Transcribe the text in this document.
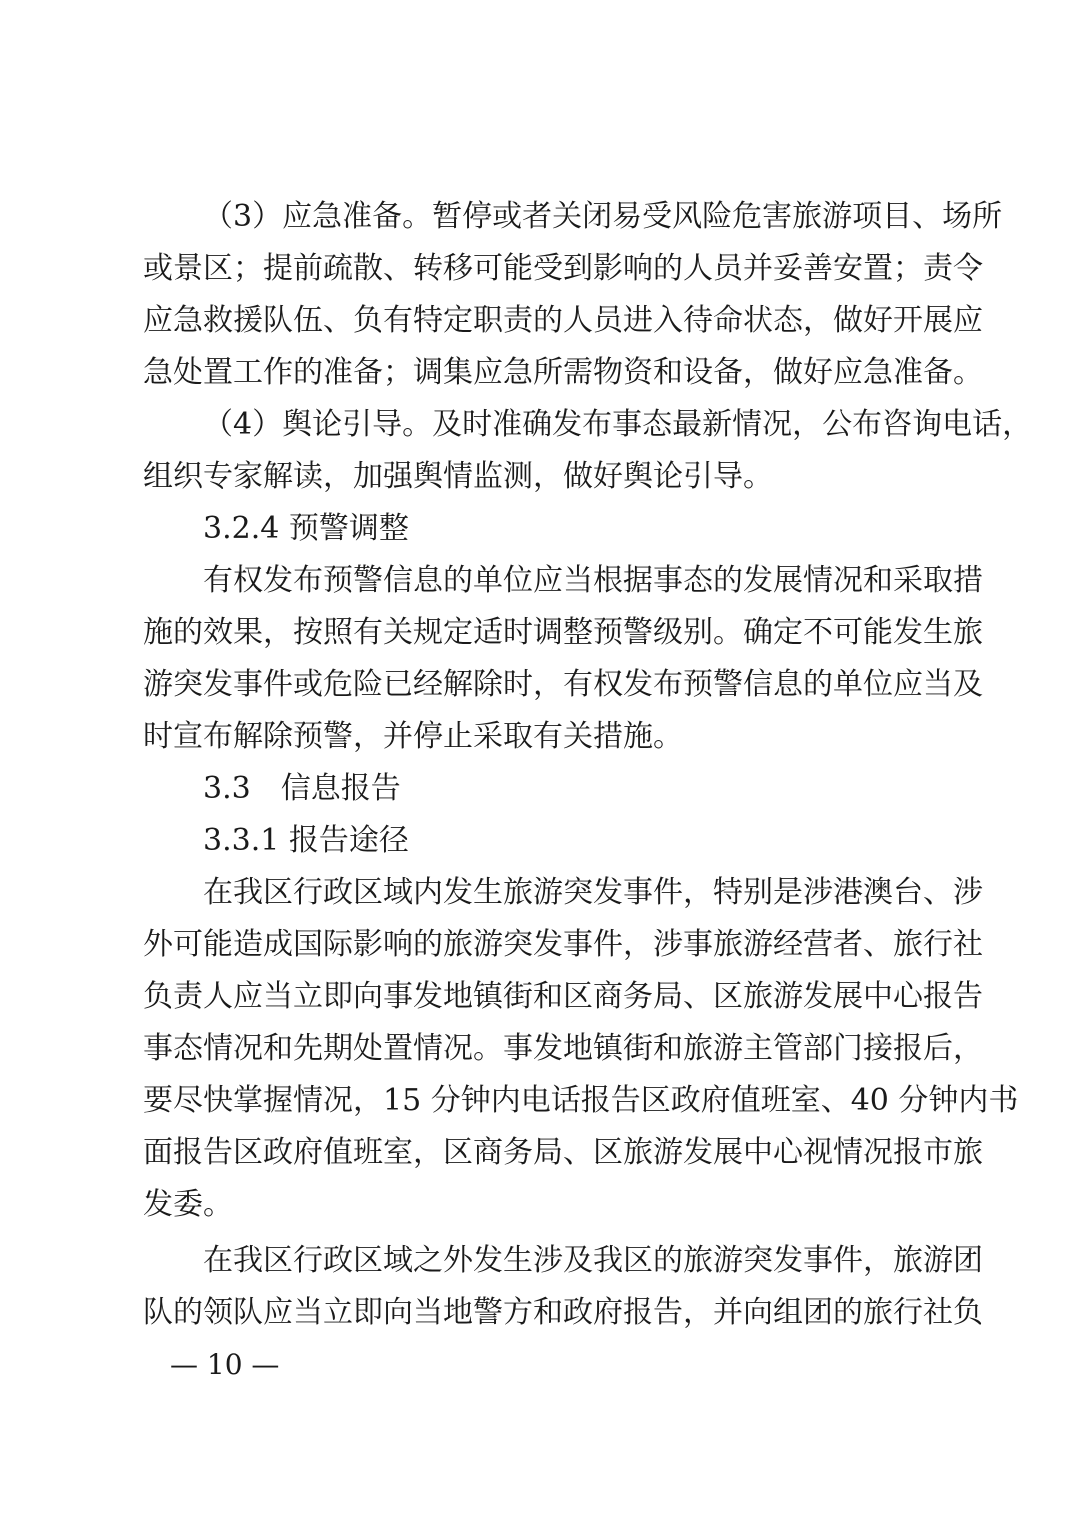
（3）应急准备。暂停或者关闭易受风险危害旅游项目、场所
或景区；提前疏散、转移可能受到影响的人员并妥善安置；责令
应急救援队伍、负有特定职责的人员进入待命状态，做好开展应
急处置工作的准备；调集应急所需物资和设备，做好应急准备。
（4）舆论引导。及时准确发布事态最新情况，公布咨询电话，
组织专家解读，加强舆情监测，做好舆论引导。
3.2.4 预警调整
有权发布预警信息的单位应当根据事态的发展情况和采取措
施的效果，按照有关规定适时调整预警级别。确定不可能发生旅
游突发事件或危险已经解除时，有权发布预警信息的单位应当及
时宣布解除预警，并停止采取有关措施。
3.3　信息报告
3.3.1 报告途径
在我区行政区域内发生旅游突发事件，特别是涉港澳台、涉
外可能造成国际影响的旅游突发事件，涉事旅游经营者、旅行社
负责人应当立即向事发地镇街和区商务局、区旅游发展中心报告
事态情况和先期处置情况。事发地镇街和旅游主管部门接报后，
要尽快掌握情况，15 分钟内电话报告区政府值班室、40 分钟内书
面报告区政府值班室，区商务局、区旅游发展中心视情况报市旅
发委。
在我区行政区域之外发生涉及我区的旅游突发事件，旅游团
队的领队应当立即向当地警方和政府报告，并向组团的旅行社负
— 10 —
